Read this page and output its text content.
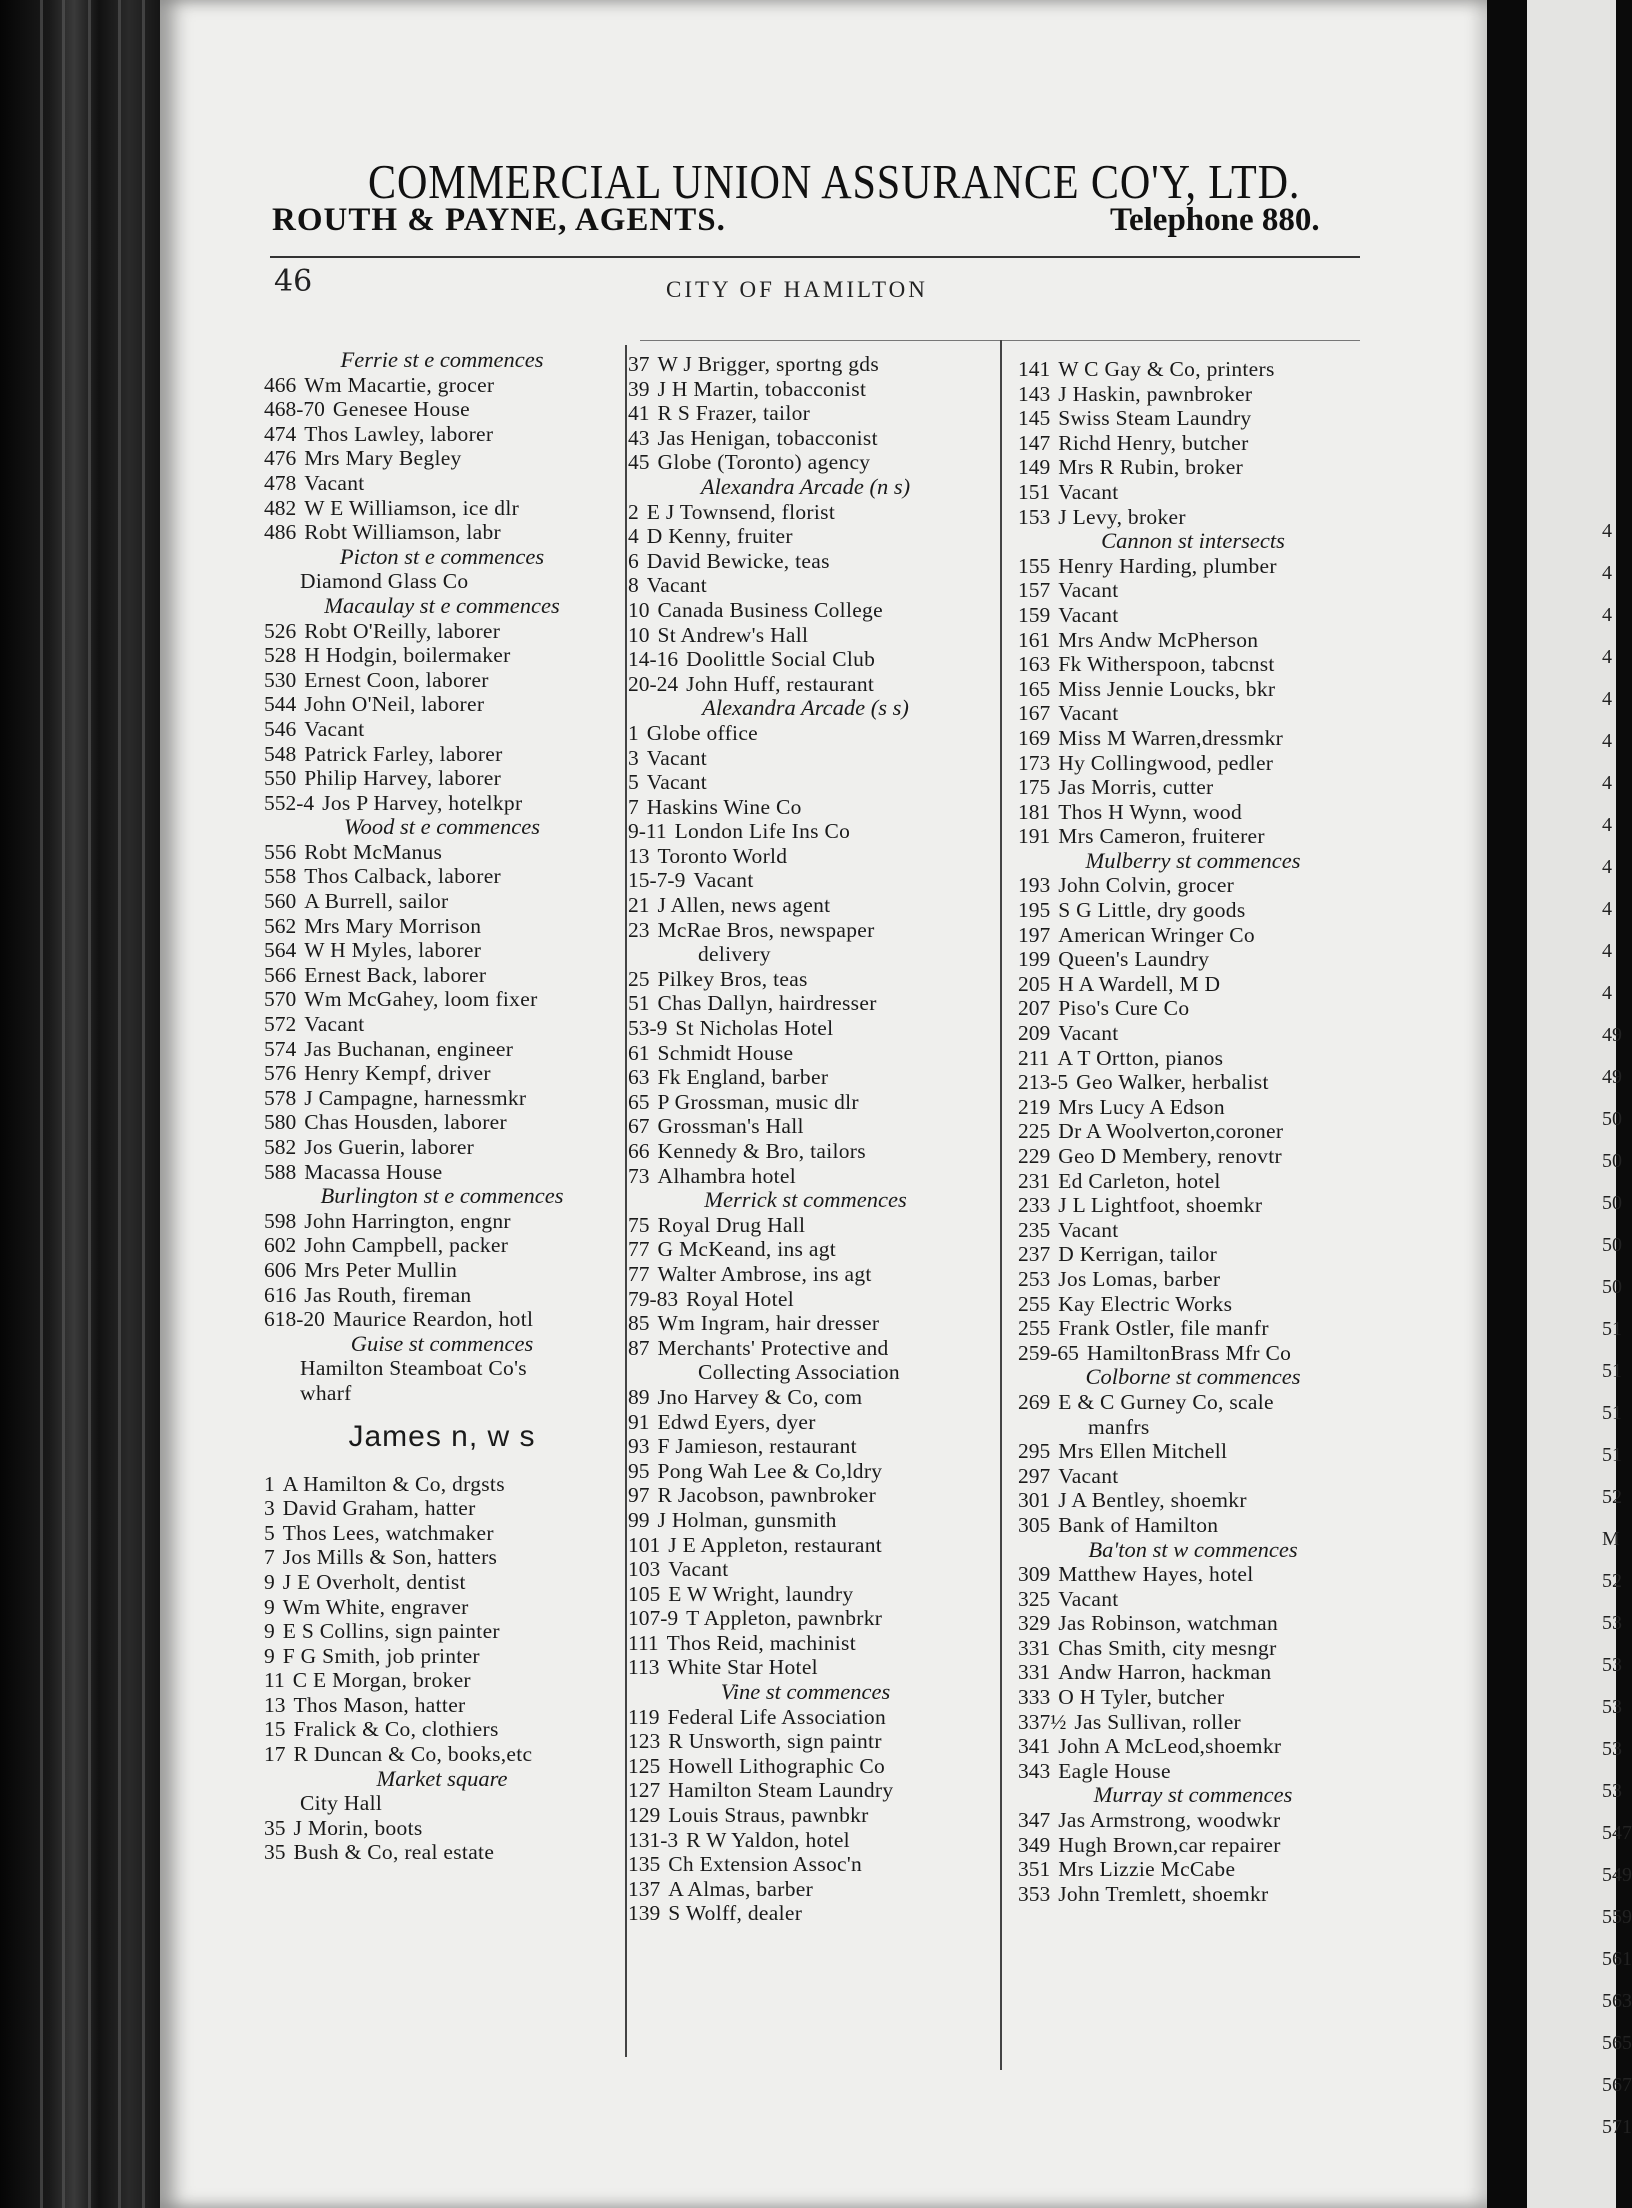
4
4
4
4
4
4
4
4
4
4
4
4
49
49
50
50
50
50
50
51
51
51
51
52
M
52
53
53
53
53
53
547
549
559
561
563
565
567
571
COMMERCIAL UNION ASSURANCE CO'Y, LTD.
ROUTH & PAYNE, AGENTS.	Telephone 880.
46	CITY OF HAMILTON
Ferrie st e commences
466 Wm Macartie, grocer
468-70 Genesee House
474 Thos Lawley, laborer
476 Mrs Mary Begley
478 Vacant
482 W E Williamson, ice dlr
486 Robt Williamson, labr
Picton st e commences
Diamond Glass Co
Macaulay st e commences
526 Robt O'Reilly, laborer
528 H Hodgin, boilermaker
530 Ernest Coon, laborer
544 John O'Neil, laborer
546 Vacant
548 Patrick Farley, laborer
550 Philip Harvey, laborer
552-4 Jos P Harvey, hotelkpr
Wood st e commences
556 Robt McManus
558 Thos Calback, laborer
560 A Burrell, sailor
562 Mrs Mary Morrison
564 W H Myles, laborer
566 Ernest Back, laborer
570 Wm McGahey, loom fixer
572 Vacant
574 Jas Buchanan, engineer
576 Henry Kempf, driver
578 J Campagne, harnessmkr
580 Chas Housden, laborer
582 Jos Guerin, laborer
588 Macassa House
Burlington st e commences
598 John Harrington, engnr
602 John Campbell, packer
606 Mrs Peter Mullin
616 Jas Routh, fireman
618-20 Maurice Reardon, hotl
Guise st commences
Hamilton Steamboat Co's
wharf
James n, w s
1 A Hamilton & Co, drgsts
3 David Graham, hatter
5 Thos Lees, watchmaker
7 Jos Mills & Son, hatters
9 J E Overholt, dentist
9 Wm White, engraver
9 E S Collins, sign painter
9 F G Smith, job printer
11 C E Morgan, broker
13 Thos Mason, hatter
15 Fralick & Co, clothiers
17 R Duncan & Co, books,etc
Market square
City Hall
35 J Morin, boots
35 Bush & Co, real estate
37 W J Brigger, sportng gds
39 J H Martin, tobacconist
41 R S Frazer, tailor
43 Jas Henigan, tobacconist
45 Globe (Toronto) agency
Alexandra Arcade (n s)
2 E J Townsend, florist
4 D Kenny, fruiter
6 David Bewicke, teas
8 Vacant
10 Canada Business College
10 St Andrew's Hall
14-16 Doolittle Social Club
20-24 John Huff, restaurant
Alexandra Arcade (s s)
1 Globe office
3 Vacant
5 Vacant
7 Haskins Wine Co
9-11 London Life Ins Co
13 Toronto World
15-7-9 Vacant
21 J Allen, news agent
23 McRae Bros, newspaper
delivery
25 Pilkey Bros, teas
51 Chas Dallyn, hairdresser
53-9 St Nicholas Hotel
61 Schmidt House
63 Fk England, barber
65 P Grossman, music dlr
67 Grossman's Hall
66 Kennedy & Bro, tailors
73 Alhambra hotel
Merrick st commences
75 Royal Drug Hall
77 G McKeand, ins agt
77 Walter Ambrose, ins agt
79-83 Royal Hotel
85 Wm Ingram, hair dresser
87 Merchants' Protective and
Collecting Association
89 Jno Harvey & Co, com
91 Edwd Eyers, dyer
93 F Jamieson, restaurant
95 Pong Wah Lee & Co,ldry
97 R Jacobson, pawnbroker
99 J Holman, gunsmith
101 J E Appleton, restaurant
103 Vacant
105 E W Wright, laundry
107-9 T Appleton, pawnbrkr
111 Thos Reid, machinist
113 White Star Hotel
Vine st commences
119 Federal Life Association
123 R Unsworth, sign paintr
125 Howell Lithographic Co
127 Hamilton Steam Laundry
129 Louis Straus, pawnbkr
131-3 R W Yaldon, hotel
135 Ch Extension Assoc'n
137 A Almas, barber
139 S Wolff, dealer
141 W C Gay & Co, printers
143 J Haskin, pawnbroker
145 Swiss Steam Laundry
147 Richd Henry, butcher
149 Mrs R Rubin, broker
151 Vacant
153 J Levy, broker
Cannon st intersects
155 Henry Harding, plumber
157 Vacant
159 Vacant
161 Mrs Andw McPherson
163 Fk Witherspoon, tabcnst
165 Miss Jennie Loucks, bkr
167 Vacant
169 Miss M Warren,dressmkr
173 Hy Collingwood, pedler
175 Jas Morris, cutter
181 Thos H Wynn, wood
191 Mrs Cameron, fruiterer
Mulberry st commences
193 John Colvin, grocer
195 S G Little, dry goods
197 American Wringer Co
199 Queen's Laundry
205 H A Wardell, M D
207 Piso's Cure Co
209 Vacant
211 A T Ortton, pianos
213-5 Geo Walker, herbalist
219 Mrs Lucy A Edson
225 Dr A Woolverton,coroner
229 Geo D Membery, renovtr
231 Ed Carleton, hotel
233 J L Lightfoot, shoemkr
235 Vacant
237 D Kerrigan, tailor
253 Jos Lomas, barber
255 Kay Electric Works
255 Frank Ostler, file manfr
259-65 HamiltonBrass Mfr Co
Colborne st commences
269 E & C Gurney Co, scale
manfrs
295 Mrs Ellen Mitchell
297 Vacant
301 J A Bentley, shoemkr
305 Bank of Hamilton
Ba'ton st w commences
309 Matthew Hayes, hotel
325 Vacant
329 Jas Robinson, watchman
331 Chas Smith, city mesngr
331 Andw Harron, hackman
333 O H Tyler, butcher
337½ Jas Sullivan, roller
341 John A McLeod,shoemkr
343 Eagle House
Murray st commences
347 Jas Armstrong, woodwkr
349 Hugh Brown,car repairer
351 Mrs Lizzie McCabe
353 John Tremlett, shoemkr
